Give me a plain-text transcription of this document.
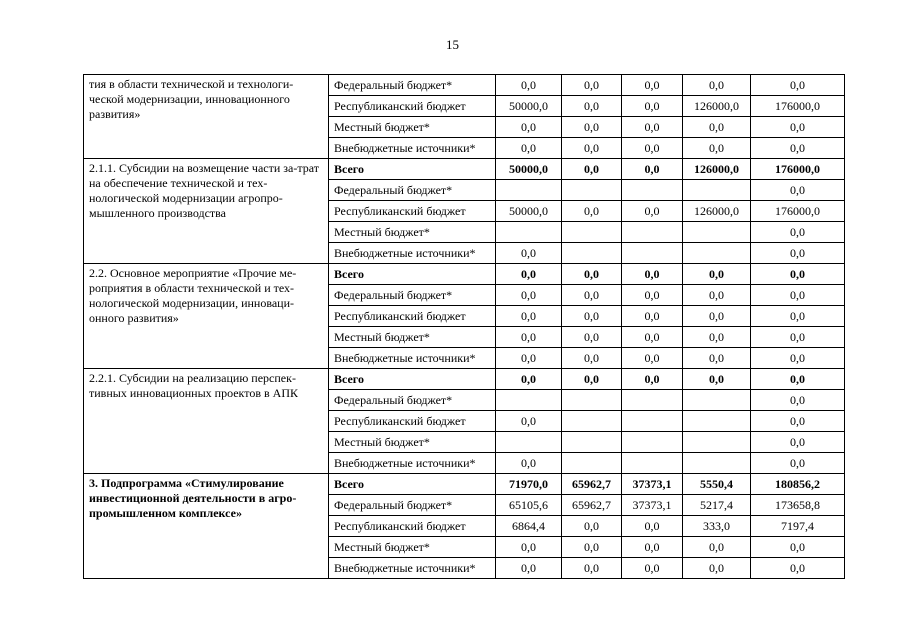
15
тия в области технической и технологи-ческой модернизации, инновационного развития»	Федеральный бюджет*	0,0	0,0	0,0	0,0	0,0
	Республиканский бюджет	50000,0	0,0	0,0	126000,0	176000,0
	Местный бюджет*	0,0	0,0	0,0	0,0	0,0
	Внебюджетные источники*	0,0	0,0	0,0	0,0	0,0
2.1.1. Субсидии на возмещение части за-трат на обеспечение технической и тех-нологической модернизации агропро-мышленного производства	Всего	50000,0	0,0	0,0	126000,0	176000,0
	Федеральный бюджет*					0,0
	Республиканский бюджет	50000,0	0,0	0,0	126000,0	176000,0
	Местный бюджет*					0,0
	Внебюджетные источники*	0,0				0,0
2.2. Основное мероприятие «Прочие ме-роприятия в области технической и тех-нологической модернизации, инноваци-онного развития»	Всего	0,0	0,0	0,0	0,0	0,0
	Федеральный бюджет*	0,0	0,0	0,0	0,0	0,0
	Республиканский бюджет	0,0	0,0	0,0	0,0	0,0
	Местный бюджет*	0,0	0,0	0,0	0,0	0,0
	Внебюджетные источники*	0,0	0,0	0,0	0,0	0,0
2.2.1. Субсидии на реализацию перспек-тивных инновационных проектов в АПК	Всего	0,0	0,0	0,0	0,0	0,0
	Федеральный бюджет*					0,0
	Республиканский бюджет	0,0				0,0
	Местный бюджет*					0,0
	Внебюджетные источники*	0,0				0,0
3. Подпрограмма «Стимулирование инвестиционной деятельности в агро-промышленном комплексе»	Всего	71970,0	65962,7	37373,1	5550,4	180856,2
	Федеральный бюджет*	65105,6	65962,7	37373,1	5217,4	173658,8
	Республиканский бюджет	6864,4	0,0	0,0	333,0	7197,4
	Местный бюджет*	0,0	0,0	0,0	0,0	0,0
	Внебюджетные источники*	0,0	0,0	0,0	0,0	0,0
